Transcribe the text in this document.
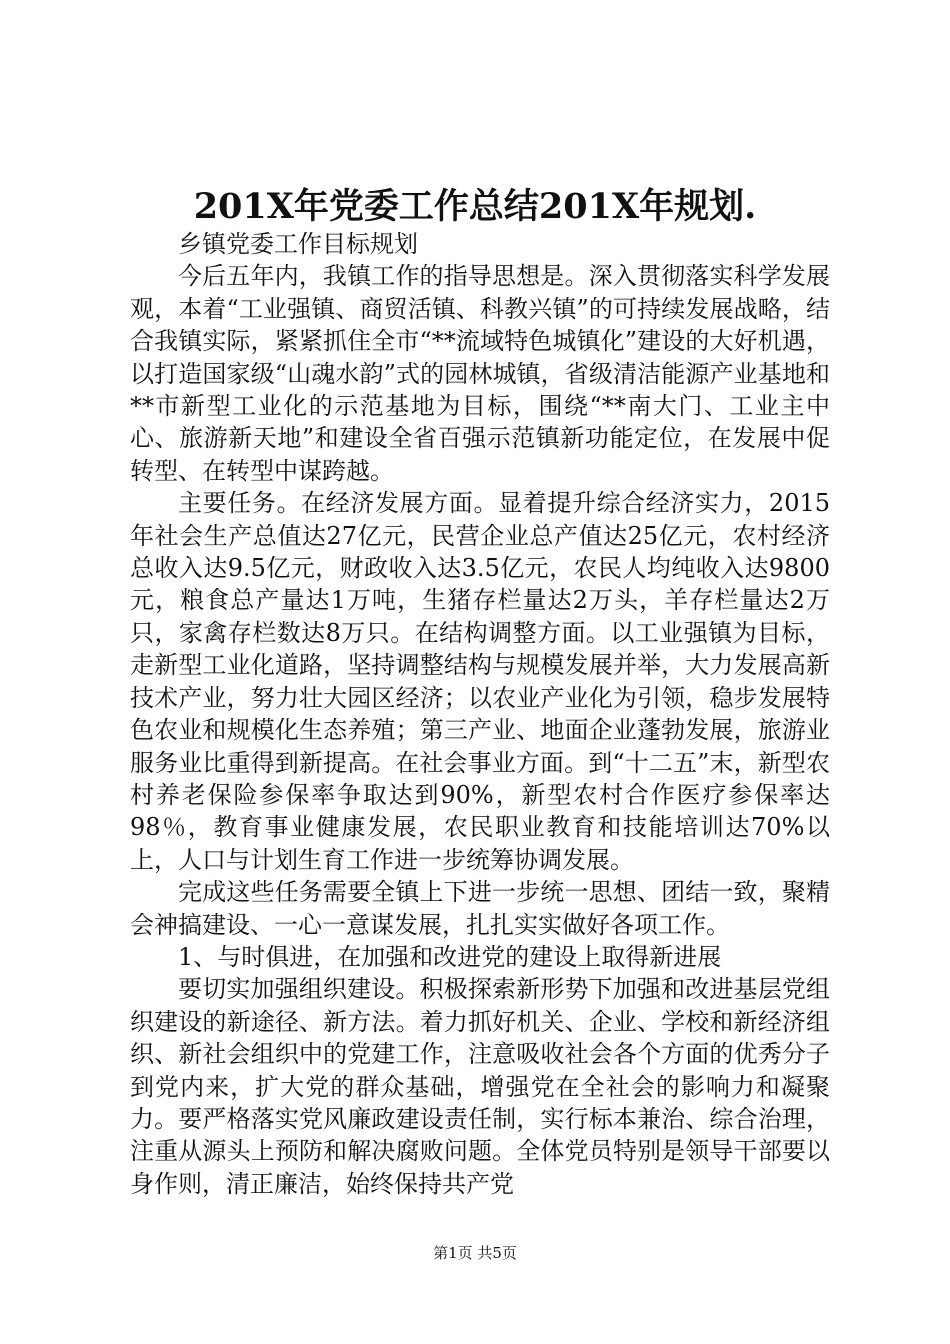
201X年党委工作总结201X年规划.

乡镇党委工作目标规划

今后五年内，我镇工作的指导思想是。深入贯彻落实科学发展观，本着“工业强镇、商贸活镇、科教兴镇”的可持续发展战略，结合我镇实际，紧紧抓住全市“**流域特色城镇化”建设的大好机遇，以打造国家级“山魂水韵”式的园林城镇，省级清洁能源产业基地和**市新型工业化的示范基地为目标，围绕“**南大门、工业主中心、旅游新天地”和建设全省百强示范镇新功能定位，在发展中促转型、在转型中谋跨越。

主要任务。在经济发展方面。显着提升综合经济实力，2015年社会生产总值达27亿元，民营企业总产值达25亿元，农村经济总收入达9.5亿元，财政收入达3.5亿元，农民人均纯收入达9800元，粮食总产量达1万吨，生猪存栏量达2万头，羊存栏量达2万只，家禽存栏数达8万只。在结构调整方面。以工业强镇为目标，走新型工业化道路，坚持调整结构与规模发展并举，大力发展高新技术产业，努力壮大园区经济；以农业产业化为引领，稳步发展特色农业和规模化生态养殖；第三产业、地面企业蓬勃发展，旅游业服务业比重得到新提高。在社会事业方面。到“十二五”末，新型农村养老保险参保率争取达到90%，新型农村合作医疗参保率达98％，教育事业健康发展，农民职业教育和技能培训达70%以上，人口与计划生育工作进一步统筹协调发展。

完成这些任务需要全镇上下进一步统一思想、团结一致，聚精会神搞建设、一心一意谋发展，扎扎实实做好各项工作。

1、与时俱进，在加强和改进党的建设上取得新进展

要切实加强组织建设。积极探索新形势下加强和改进基层党组织建设的新途径、新方法。着力抓好机关、企业、学校和新经济组织、新社会组织中的党建工作，注意吸收社会各个方面的优秀分子到党内来，扩大党的群众基础，增强党在全社会的影响力和凝聚力。要严格落实党风廉政建设责任制，实行标本兼治、综合治理，注重从源头上预防和解决腐败问题。全体党员特别是领导干部要以身作则，清正廉洁，始终保持共产党

第1页 共5页
